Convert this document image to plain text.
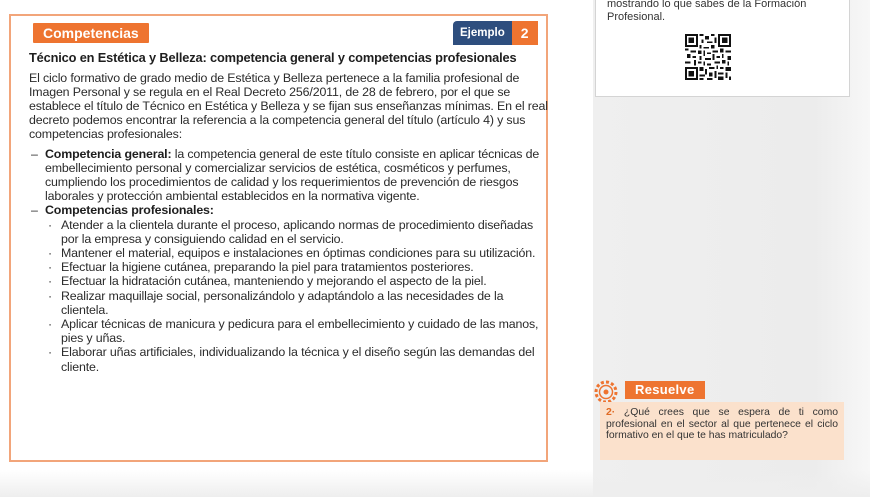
Competencias	Ejemplo	2

Técnico en Estética y Belleza: competencia general y competencias profesionales

El ciclo formativo de grado medio de Estética y Belleza pertenece a la familia profesional de Imagen Personal y se regula en el Real Decreto 256/2011, de 28 de febrero, por el que se establece el título de Técnico en Estética y Belleza y se fijan sus enseñanzas mínimas. En el real decreto podemos encontrar la referencia a la competencia general del título (artículo 4) y sus competencias profesionales:

– Competencia general: la competencia general de este título consiste en aplicar técnicas de embellecimiento personal y comercializar servicios de estética, cosméticos y perfumes, cumpliendo los procedimientos de calidad y los requerimientos de prevención de riesgos laborales y protección ambiental establecidos en la normativa vigente.
– Competencias profesionales:
· Atender a la clientela durante el proceso, aplicando normas de procedimiento diseñadas por la empresa y consiguiendo calidad en el servicio.
· Mantener el material, equipos e instalaciones en óptimas condiciones para su utilización.
· Efectuar la higiene cutánea, preparando la piel para tratamientos posteriores.
· Efectuar la hidratación cutánea, manteniendo y mejorando el aspecto de la piel.
· Realizar maquillaje social, personalizándolo y adaptándolo a las necesidades de la clientela.
· Aplicar técnicas de manicura y pedicura para el embellecimiento y cuidado de las manos, pies y uñas.
· Elaborar uñas artificiales, individualizando la técnica y el diseño según las demandas del cliente.
mostrando lo que sabes de la Formación Profesional.
Resuelve
2· ¿Qué crees que se espera de ti como profesional en el sector al que pertenece el ciclo formativo en el que te has matriculado?
